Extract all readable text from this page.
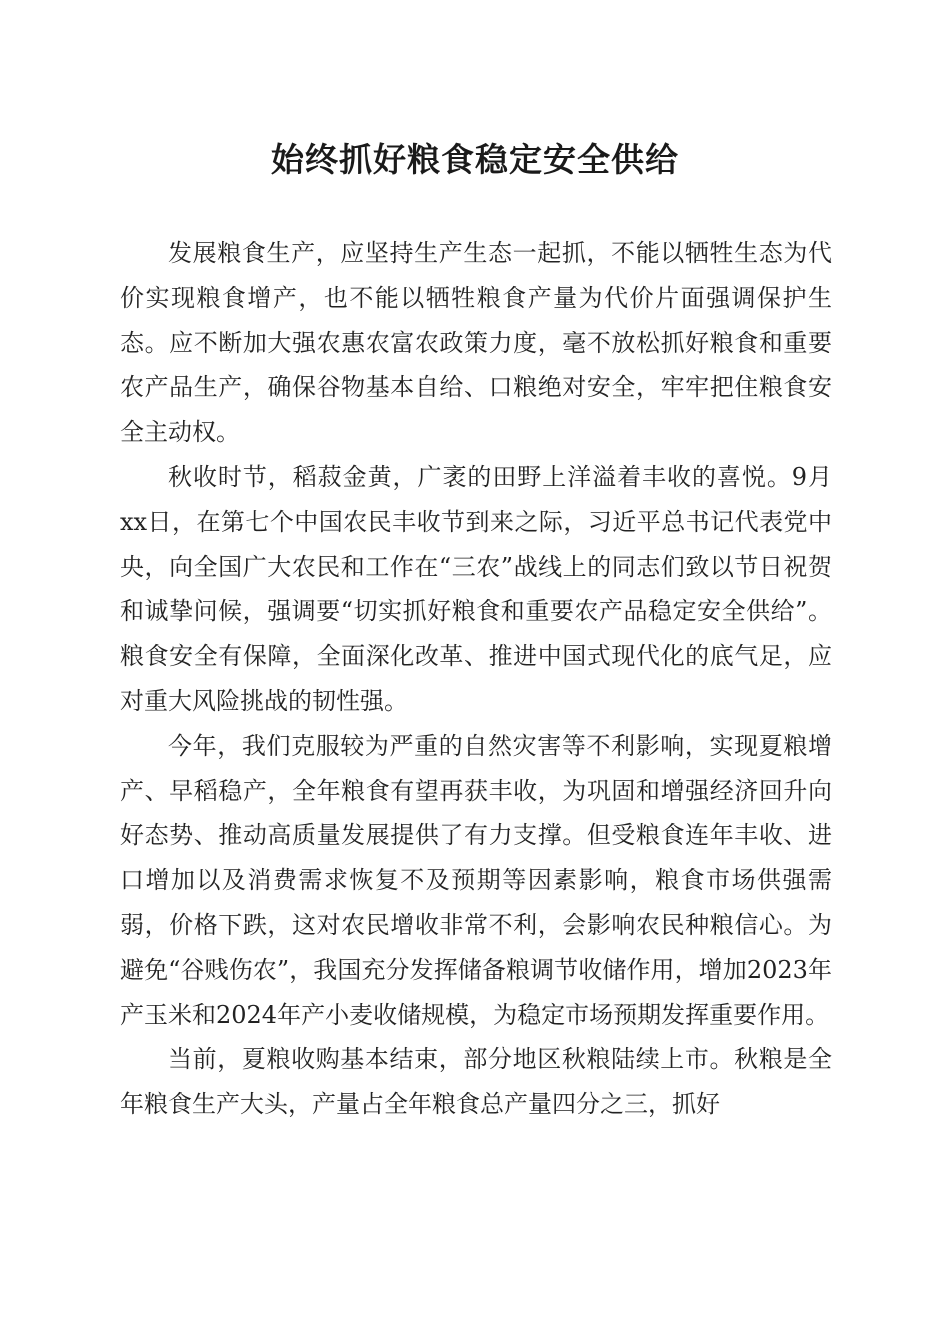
始终抓好粮食稳定安全供给

发展粮食生产，应坚持生产生态一起抓，不能以牺牲生态为代价实现粮食增产，也不能以牺牲粮食产量为代价片面强调保护生态。应不断加大强农惠农富农政策力度，毫不放松抓好粮食和重要农产品生产，确保谷物基本自给、口粮绝对安全，牢牢把住粮食安全主动权。

秋收时节，稻菽金黄，广袤的田野上洋溢着丰收的喜悦。9月xx日，在第七个中国农民丰收节到来之际，习近平总书记代表党中央，向全国广大农民和工作在“三农”战线上的同志们致以节日祝贺和诚挚问候，强调要“切实抓好粮食和重要农产品稳定安全供给”。粮食安全有保障，全面深化改革、推进中国式现代化的底气足，应对重大风险挑战的韧性强。

今年，我们克服较为严重的自然灾害等不利影响，实现夏粮增产、早稻稳产，全年粮食有望再获丰收，为巩固和增强经济回升向好态势、推动高质量发展提供了有力支撑。但受粮食连年丰收、进口增加以及消费需求恢复不及预期等因素影响，粮食市场供强需弱，价格下跌，这对农民增收非常不利，会影响农民种粮信心。为避免“谷贱伤农”，我国充分发挥储备粮调节收储作用，增加2023年产玉米和2024年产小麦收储规模，为稳定市场预期发挥重要作用。

当前，夏粮收购基本结束，部分地区秋粮陆续上市。秋粮是全年粮食生产大头，产量占全年粮食总产量四分之三，抓好
